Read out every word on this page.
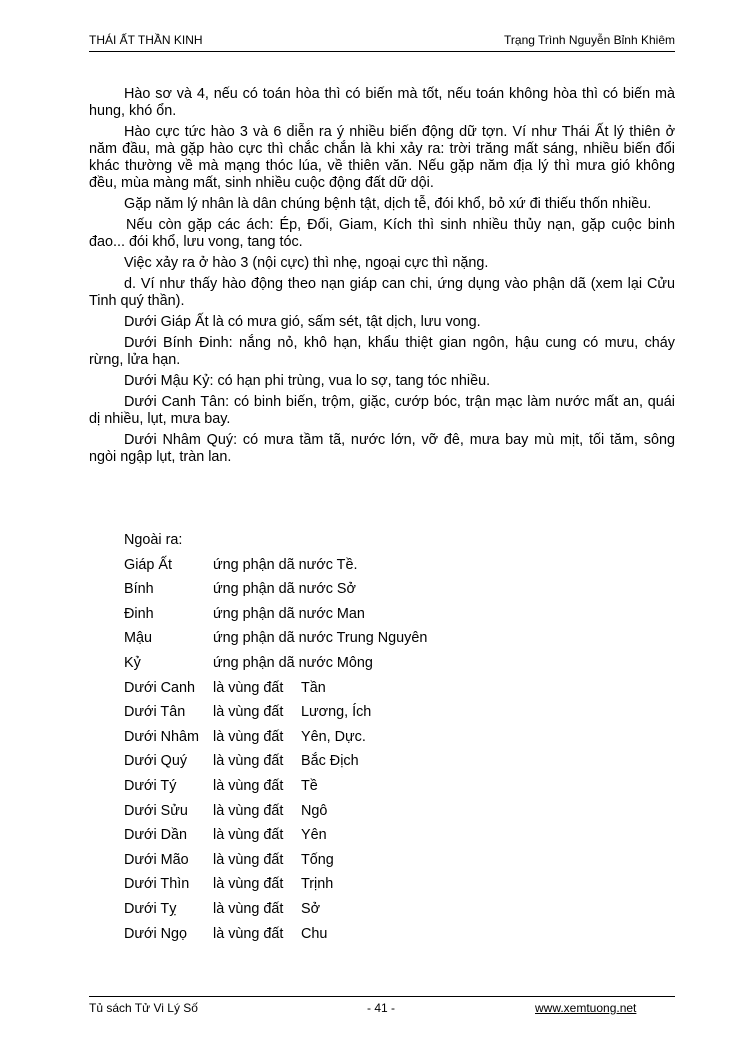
THÁI ẤT THẦN KINH	Trạng Trình Nguyễn Bỉnh Khiêm

Hào sơ và 4, nếu có toán hòa thì có biến mà tốt, nếu toán không hòa thì có biến mà hung, khó ổn.

Hào cực tức hào 3 và 6 diễn ra ý nhiều biến động dữ tợn. Ví như Thái Ất lý thiên ở năm đầu, mà gặp hào cực thì chắc chắn là khi xảy ra: trời trăng mất sáng, nhiều biến đổi khác thường về mà mạng thóc lúa, về thiên văn. Nếu gặp năm địa lý thì mưa gió không đều, mùa màng mất, sinh nhiều cuộc động đất dữ dội.

Gặp năm lý nhân là dân chúng bệnh tật, dịch tễ, đói khổ, bỏ xứ đi thiếu thốn nhiều.

Nếu còn gặp các ách: Ép, Đối, Giam, Kích thì sinh nhiều thủy nạn, gặp cuộc binh đao... đói khổ, lưu vong, tang tóc.

Việc xảy ra ở hào 3 (nội cực) thì nhẹ, ngoại cực thì nặng.

d. Ví như thấy hào động theo nạn giáp can chi, ứng dụng vào phận dã (xem lại Cửu Tinh quý thần).

Dưới Giáp Ất là có mưa gió, sấm sét, tật dịch, lưu vong.

Dưới Bính Đinh: nắng nỏ, khô hạn, khẩu thiệt gian ngôn, hậu cung có mưu, cháy rừng, lửa hạn.

Dưới Mậu Kỷ: có hạn phi trùng, vua lo sợ, tang tóc nhiều.

Dưới Canh Tân: có binh biến, trộm, giặc, cướp bóc, trận mạc làm nước mất an, quái dị nhiều, lụt, mưa bay.

Dưới Nhâm Quý: có mưa tầm tã, nước lớn, vỡ đê, mưa bay mù mịt, tối tăm, sông ngòi ngập lụt, tràn lan.

Ngoài ra:
Giáp Ất	ứng phận dã nước Tề.
Bính	ứng phận dã nước Sở
Đinh	ứng phận dã nước Man
Mậu	ứng phận dã nước Trung Nguyên
Kỷ	ứng phận dã nước Mông
Dưới Canh là vùng đất Tần
Dưới Tân là vùng đất Lương, Ích
Dưới Nhâm là vùng đất Yên, Dực.
Dưới Quý là vùng đất Bắc Địch
Dưới Tý	là vùng đất Tề
Dưới Sửu là vùng đất Ngô
Dưới Dần là vùng đất Yên
Dưới Mão là vùng đất Tống
Dưới Thìn là vùng đất Trịnh
Dưới Tỵ	là vùng đất Sở
Dưới Ngọ là vùng đất Chu
Tủ sách Tử Vi Lý Số	- 41 -	www.xemtuong.net
